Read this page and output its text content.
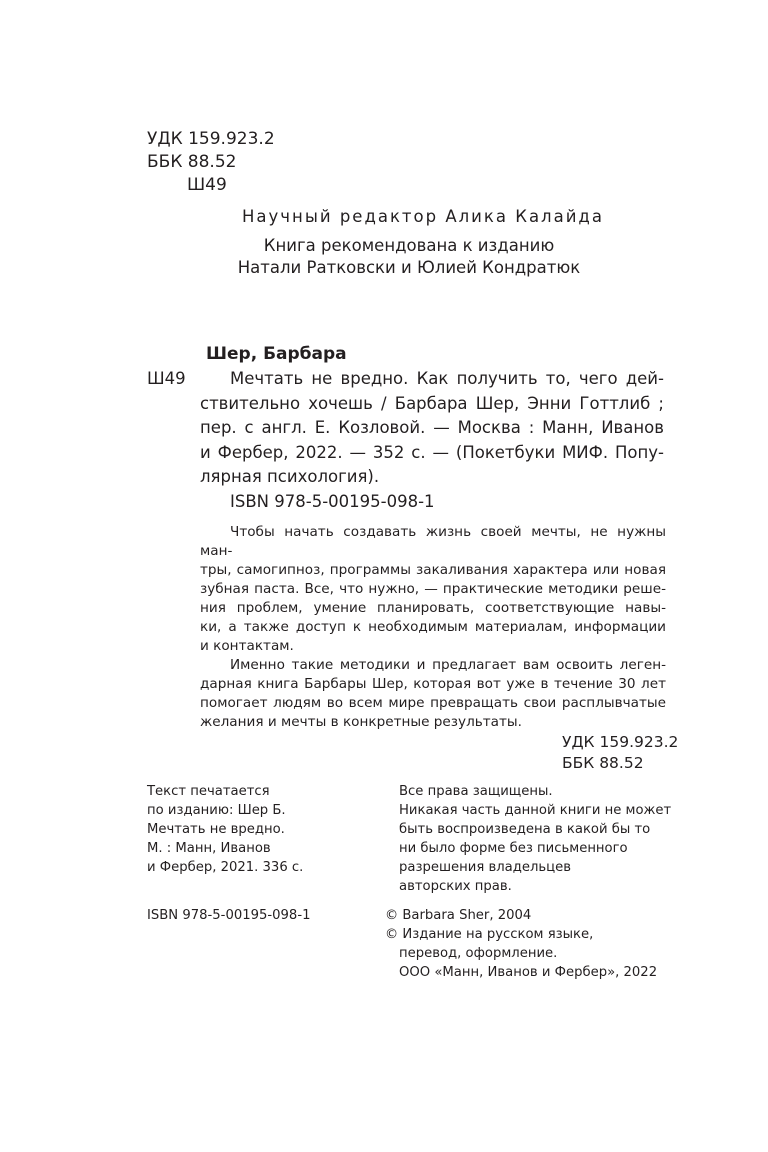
УДК 159.923.2
ББК 88.52
Ш49
Научный редактор Алика Калайда
Книга рекомендована к изданию
Натали Ратковски и Юлией Кондратюк
Шер, Барбара
Ш49	Мечтать не вредно. Как получить то, чего дей-
ствительно хочешь / Барбара Шер, Энни Готтлиб ;
пер. с англ. Е. Козловой. — Москва : Манн, Иванов
и Фербер, 2022. — 352 с. — (Покетбуки МИФ. Попу-
лярная психология).
ISBN 978-5-00195-098-1
Чтобы начать создавать жизнь своей мечты, не нужны ман-
тры, самогипноз, программы закаливания характера или новая
зубная паста. Все, что нужно, — практические методики реше-
ния проблем, умение планировать, соответствующие навы-
ки, а также доступ к необходимым материалам, информации
и контактам.
Именно такие методики и предлагает вам освоить леген-
дарная книга Барбары Шер, которая вот уже в течение 30 лет
помогает людям во всем мире превращать свои расплывчатые
желания и мечты в конкретные результаты.
УДК 159.923.2
ББК 88.52
Текст печатается
по изданию: Шер Б.
Мечтать не вредно.
М. : Манн, Иванов
и Фербер, 2021. 336 с.
ISBN 978-5-00195-098-1
Все права защищены.
Никакая часть данной книги не может
быть воспроизведена в какой бы то
ни было форме без письменного
разрешения владельцев
авторских прав.
© Barbara Sher, 2004
© Издание на русском языке,
перевод, оформление.
ООО «Манн, Иванов и Фербер», 2022
